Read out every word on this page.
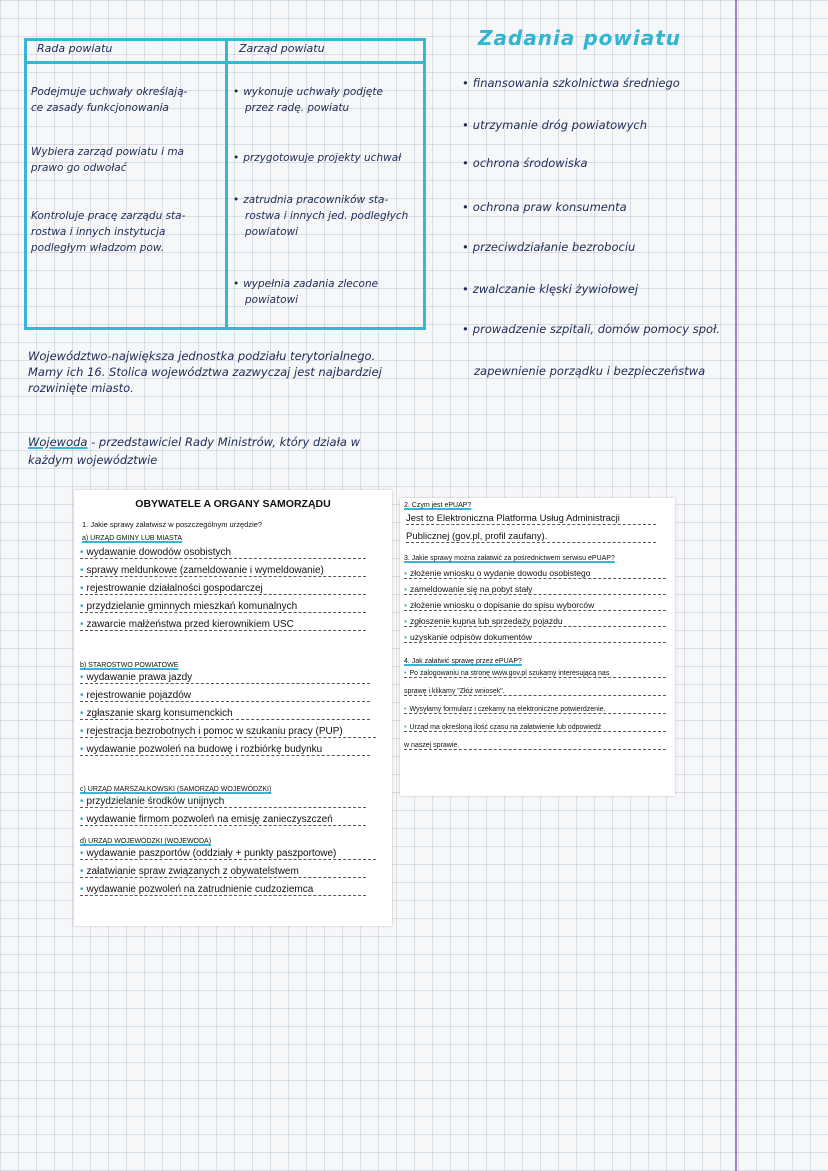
Rada powiatu	Zarząd powiatu
Podejmuje uchwały określają-
ce zasady funkcjonowania
Wybiera zarząd powiatu i ma
prawo go odwołać
Kontroluje pracę zarządu sta-
rostwa i innych instytucja
podległym władzom pow.
• wykonuje uchwały podjęte
przez radę. powiatu
• przygotowuje projekty uchwał
• zatrudnia pracowników sta-
rostwa i innych jed. podległych
powiatowi
• wypełnia zadania zlecone
powiatowi
Zadania powiatu
• finansowania szkolnictwa średniego
• utrzymanie dróg powiatowych
• ochrona środowiska
• ochrona praw konsumenta
• przeciwdziałanie bezrobociu
• zwalczanie klęski żywiołowej
• prowadzenie szpitali, domów pomocy społ.
zapewnienie porządku i bezpieczeństwa
Województwo-największa jednostka podziału terytorialnego.
Mamy ich 16. Stolica województwa zazwyczaj jest najbardziej
rozwinięte miasto.
Wojewoda - przedstawiciel Rady Ministrów, który działa w
każdym województwie
OBYWATELE A ORGANY SAMORZĄDU
1. Jakie sprawy załatwisz w poszczególnym urzędzie?
a) URZĄD GMINY LUB MIASTA
• wydawanie dowodów osobistych
• sprawy meldunkowe (zameldowanie i wymeldowanie)
• rejestrowanie działalności gospodarczej
• przydzielanie gminnych mieszkań komunalnych
• zawarcie małżeństwa przed kierownikiem USC
b) STAROSTWO POWIATOWE
• wydawanie prawa jazdy
• rejestrowanie pojazdów
• zgłaszanie skarg konsumenckich
• rejestracja bezrobotnych i pomoc w szukaniu pracy (PUP)
• wydawanie pozwoleń na budowę i rozbiórkę budynku
c) URZĄD MARSZAŁKOWSKI (SAMORZĄD WOJEWÓDZKI)
• przydzielanie środków unijnych
• wydawanie firmom pozwoleń na emisję zanieczyszczeń
d) URZĄD WOJEWÓDZKI (WOJEWODA)
• wydawanie paszportów (oddziały + punkty paszportowe)
• załatwianie spraw związanych z obywatelstwem
• wydawanie pozwoleń na zatrudnienie cudzoziemca
2. Czym jest ePUAP?
Jest to Elektroniczna Platforma Usług Administracji
Publicznej (gov.pl, profil zaufany).
3. Jakie sprawy można załatwić za pośrednictwem serwisu ePUAP?
• złożenie wniosku o wydanie dowodu osobistego
• zameldowanie się na pobyt stały
• złożenie wniosku o dopisanie do spisu wyborców
• zgłoszenie kupna lub sprzedaży pojazdu
• uzyskanie odpisów dokumentów
4. Jak załatwić sprawę przez ePUAP?
• Po zalogowaniu na stronę www.gov.pl szukamy interesującą nas
sprawę i klikamy "Złóż wniosek".
• Wysyłamy formularz i czekamy na elektroniczne potwierdzenie.
• Urząd ma określoną ilość czasu na załatwienie lub odpowiedź
w naszej sprawie.
